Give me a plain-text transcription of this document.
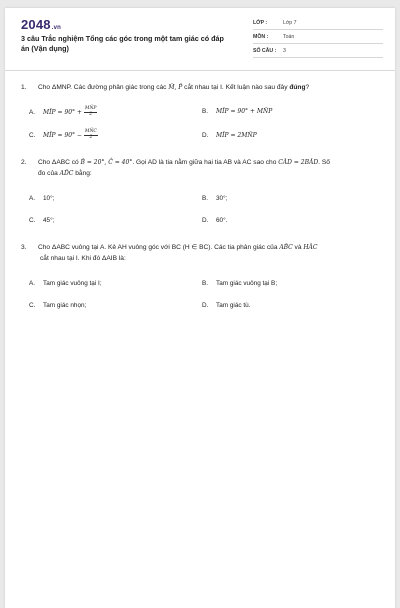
2048.vn
3 câu Trắc nghiệm Tổng các góc trong một tam giác có đáp án (Vận dụng)
LỚP :	Lớp 7
MÔN :	Toán
SỐ CÂU : 3
1. Cho ΔMNP. Các đường phân giác trong các M̂, P̂ cắt nhau tại I. Kết luận nào sau đây đúng?
A. MÎP = $90^\circ + \frac{\text{MÑP}}{2}$	B. MÎP = 90° + MÑP
C. MÎP = $90^\circ - \frac{\text{MÑC}}{2}$	D. MÎP = 2MÑP
2. Cho ΔABC có B̂ = 20°, Ĉ = 40°. Gọi AD là tia nằm giữa hai tia AB và AC sao cho CÂD = 2BÂD. Số
đo của AD̂C bằng:
A. 10°;	B. 30°;
C. 45°;	D. 60°.
3. Cho ΔABC vuông tại A. Kẻ AH vuông góc với BC (H ∈ BC). Các tia phân giác của AB̂C và HÂC
cắt nhau tại I. Khi đó ΔAIB là:
A. Tam giác vuông tại I;	B. Tam giác vuông tại B;
C. Tam giác nhọn;	D. Tam giác tù.
